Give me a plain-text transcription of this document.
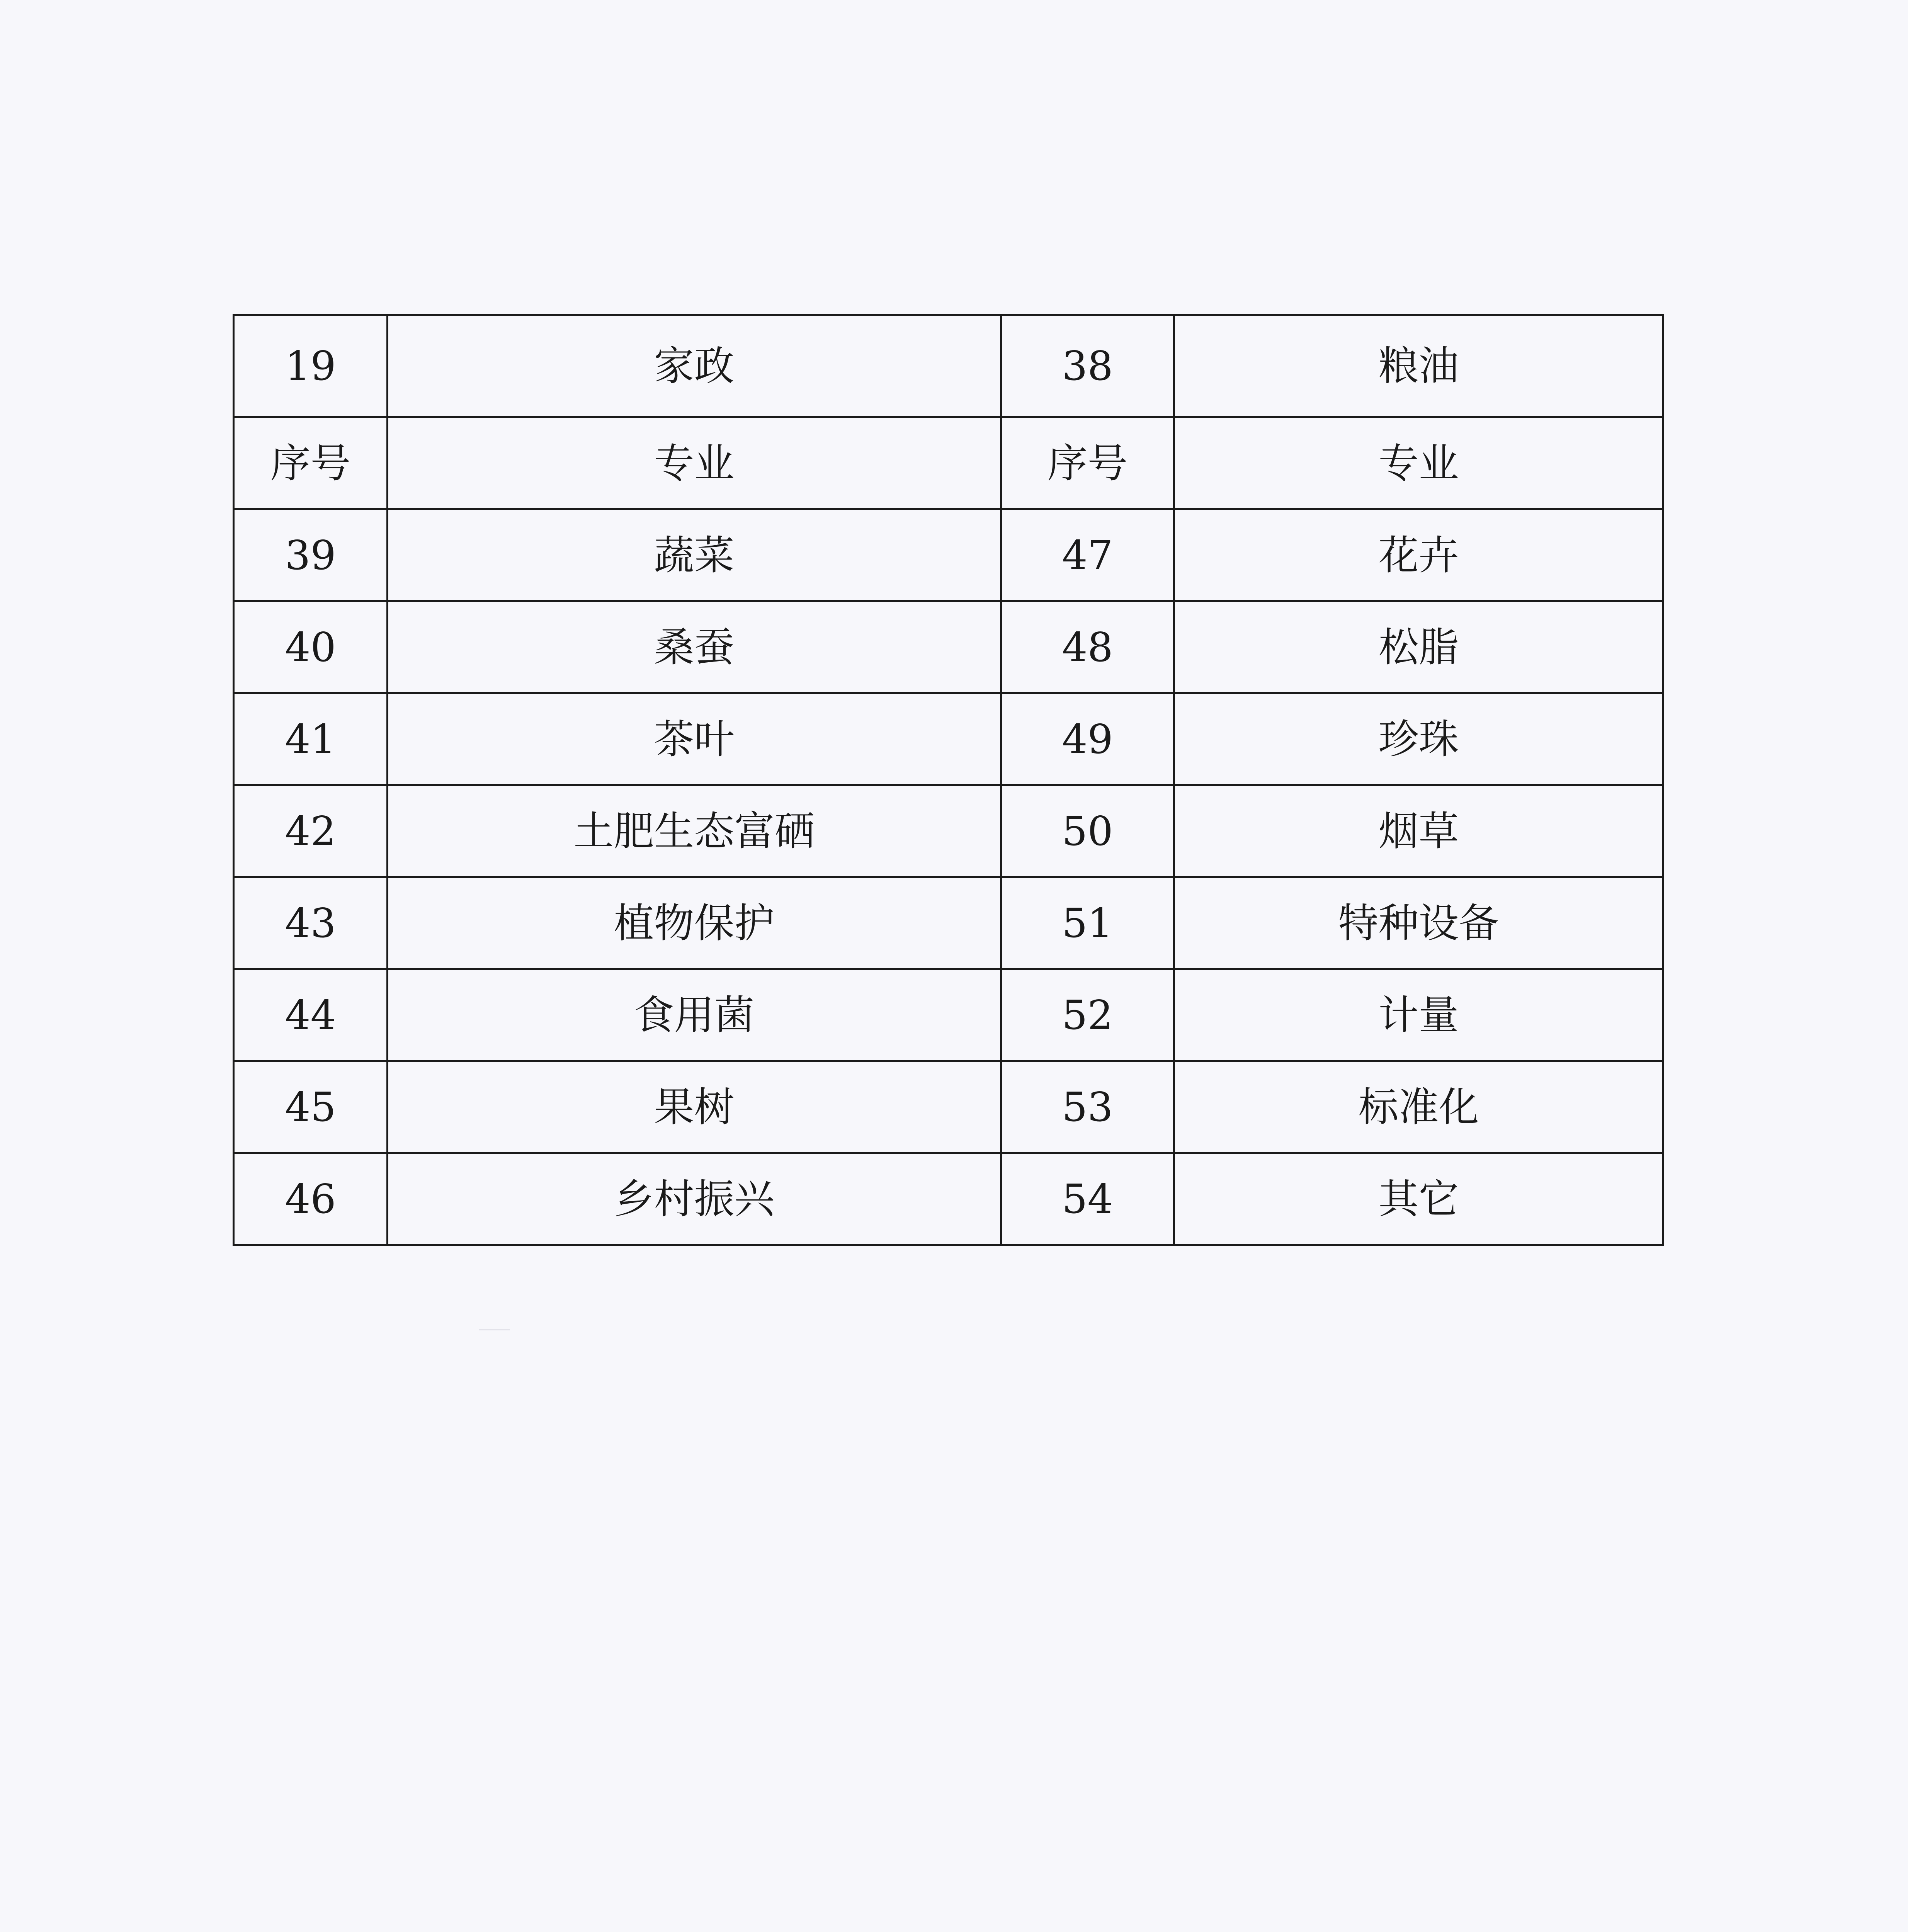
19	家政	38	粮油
序号	专业	序号	专业
39	蔬菜	47	花卉
40	桑蚕	48	松脂
41	茶叶	49	珍珠
42	土肥生态富硒	50	烟草
43	植物保护	51	特种设备
44	食用菌	52	计量
45	果树	53	标准化
46	乡村振兴	54	其它
